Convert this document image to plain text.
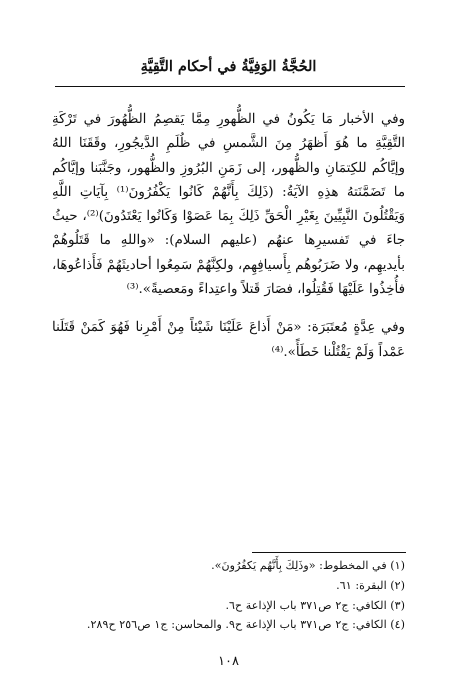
الحُجَّةُ الوَفِيَّةُ في أحكام التَّقِيَّةِ

وفي الأخبار مَا يَكُونُ في الظُّهورِ مِمَّا يَقصِمُ الظُّهُورَ في تَرْكَةِ التَّقِيَّةِ ما هُوَ أَظهَرُ مِنَ الشَّمسِ في ظُلَمِ الدَّيجُورِ، وقَقَنَا اللهُ وإيَّاكُم للكِتمَانِ والظُّهور، إلى زَمَنِ البُرُوزِ والظُّهور، وجَنَّبَنا وإيَّاكُم ما تَضَمَّنَتهُ هذِهِ الآيَةُ: (ذَلِكَ بِأَنَّهُمْ كَانُوا يَكْفُرُونَ⁽¹⁾ بِآيَاتِ اللَّهِ وَيَقْتُلُونَ النَّبِيِّينَ بِغَيْرِ الْحَقِّ ذَلِكَ بِمَا عَصَوْا وَكَانُوا يَعْتَدُونَ)⁽²⁾، حيثُ جاءَ في تَفسيرِها عنهُم (عليهم السلام): «واللهِ ما قَتَلُوهُمْ بأيديهِم، ولا ضَرَبُوهُم بِأَسيافِهِم، ولكِنَّهُمْ سَمِعُوا أحاديثَهُمْ فَأَذاعُوهَا، فأُخِذُوا عَلَيْهَا فَقُتِلُوا، فصَارَ قَتلاً واعتِداءً ومَعصيةً».⁽³⁾

وفي عِدَّةٍ مُعتَبَرَة: «مَنْ أَذاعَ عَلَيْنَا شَيْئاً مِنْ أَمْرِنا فَهُوَ كَمَنْ قَتَلَنا عَمْداً وَلَمْ يَقْتُلْنا خَطَأً».⁽⁴⁾

(١) في المخطوط: «وذَلِكَ بِأَنَّهُم يَكفُرُونَ».
(٢) البقرة: ٦١.
(٣) الكافي: ج٢ ص٣٧١ باب الإذاعة ح٦.
(٤) الكافي: ج٢ ص٣٧١ باب الإذاعة ح٩. والمحاسن: ج١ ص٢٥٦ ح٢٨٩.
١٠٨
